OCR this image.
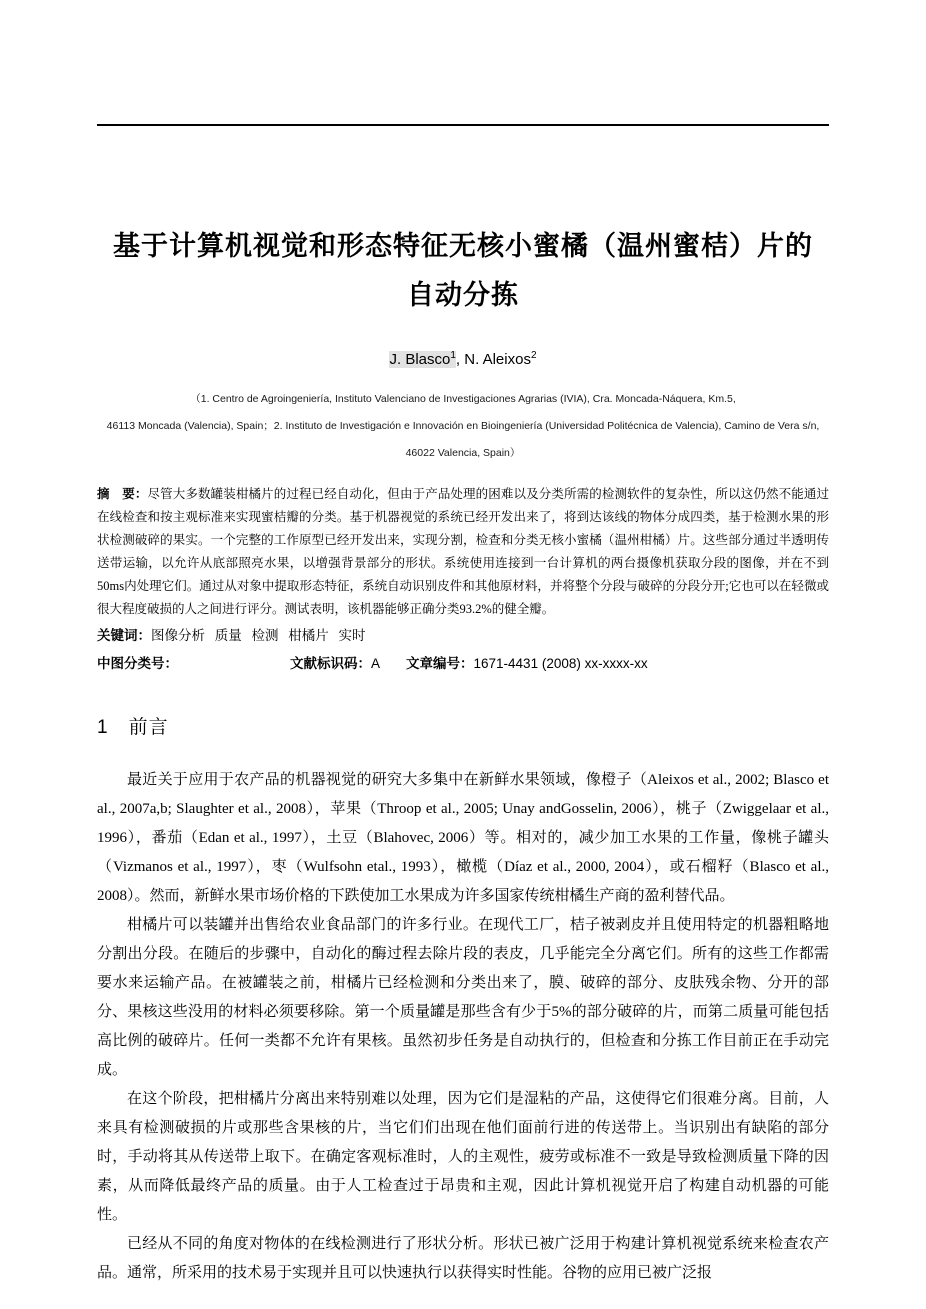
基于计算机视觉和形态特征无核小蜜橘（温州蜜桔）片的自动分拣
J. Blasco$^1$, N. Aleixos$^2$
（1. Centro de Agroingeniería, Instituto Valenciano de Investigaciones Agrarias (IVIA), Cra. Moncada-Náquera, Km.5,
46113 Moncada (Valencia), Spain；2. Instituto de Investigación e Innovación en Bioingeniería (Universidad Politécnica de Valencia), Camino de Vera s/n,
46022 Valencia, Spain）
摘　要：尽管大多数罐装柑橘片的过程已经自动化，但由于产品处理的困难以及分类所需的检测软件的复杂性，所以这仍然不能通过在线检查和按主观标准来实现蜜桔瓣的分类。基于机器视觉的系统已经开发出来了，将到达该线的物体分成四类，基于检测水果的形状检测破碎的果实。一个完整的工作原型已经开发出来，实现分割，检查和分类无核小蜜橘（温州柑橘）片。这些部分通过半透明传送带运输，以允许从底部照亮水果，以增强背景部分的形状。系统使用连接到一台计算机的两台摄像机获取分段的图像，并在不到50ms内处理它们。通过从对象中提取形态特征，系统自动识别皮件和其他原材料，并将整个分段与破碎的分段分开;它也可以在轻微或很大程度破损的人之间进行评分。测试表明，该机器能够正确分类93.2%的健全瓣。
关键词：图像分析 质量 检测 柑橘片 实时
中图分类号：	文献标识码：A 文章编号：1671-4431 (2008) xx-xxxx-xx
1 前言

最近关于应用于农产品的机器视觉的研究大多集中在新鲜水果领域，像橙子（Aleixos et al., 2002; Blasco et al., 2007a,b; Slaughter et al., 2008），苹果（Throop et al., 2005; Unay andGosselin, 2006），桃子（Zwiggelaar et al., 1996），番茄（Edan et al., 1997），土豆（Blahovec, 2006）等。相对的，减少加工水果的工作量，像桃子罐头（Vizmanos et al., 1997），枣（Wulfsohn etal., 1993），橄榄（Díaz et al., 2000, 2004），或石榴籽（Blasco et al., 2008）。然而，新鲜水果市场价格的下跌使加工水果成为许多国家传统柑橘生产商的盈利替代品。

柑橘片可以装罐并出售给农业食品部门的许多行业。在现代工厂，桔子被剥皮并且使用特定的机器粗略地分割出分段。在随后的步骤中，自动化的酶过程去除片段的表皮，几乎能完全分离它们。所有的这些工作都需要水来运输产品。在被罐装之前，柑橘片已经检测和分类出来了，膜、破碎的部分、皮肤残余物、分开的部分、果核这些没用的材料必须要移除。第一个质量罐是那些含有少于5%的部分破碎的片，而第二质量可能包括高比例的破碎片。任何一类都不允许有果核。虽然初步任务是自动执行的，但检查和分拣工作目前正在手动完成。

在这个阶段，把柑橘片分离出来特别难以处理，因为它们是湿粘的产品，这使得它们很难分离。目前，人来具有检测破损的片或那些含果核的片，当它们们出现在他们面前行进的传送带上。当识别出有缺陷的部分时，手动将其从传送带上取下。在确定客观标准时，人的主观性，疲劳或标准不一致是导致检测质量下降的因素，从而降低最终产品的质量。由于人工检查过于昂贵和主观，因此计算机视觉开启了构建自动机器的可能性。

已经从不同的角度对物体的在线检测进行了形状分析。形状已被广泛用于构建计算机视觉系统来检查农产品。通常，所采用的技术易于实现并且可以快速执行以获得实时性能。谷物的应用已被广泛报
